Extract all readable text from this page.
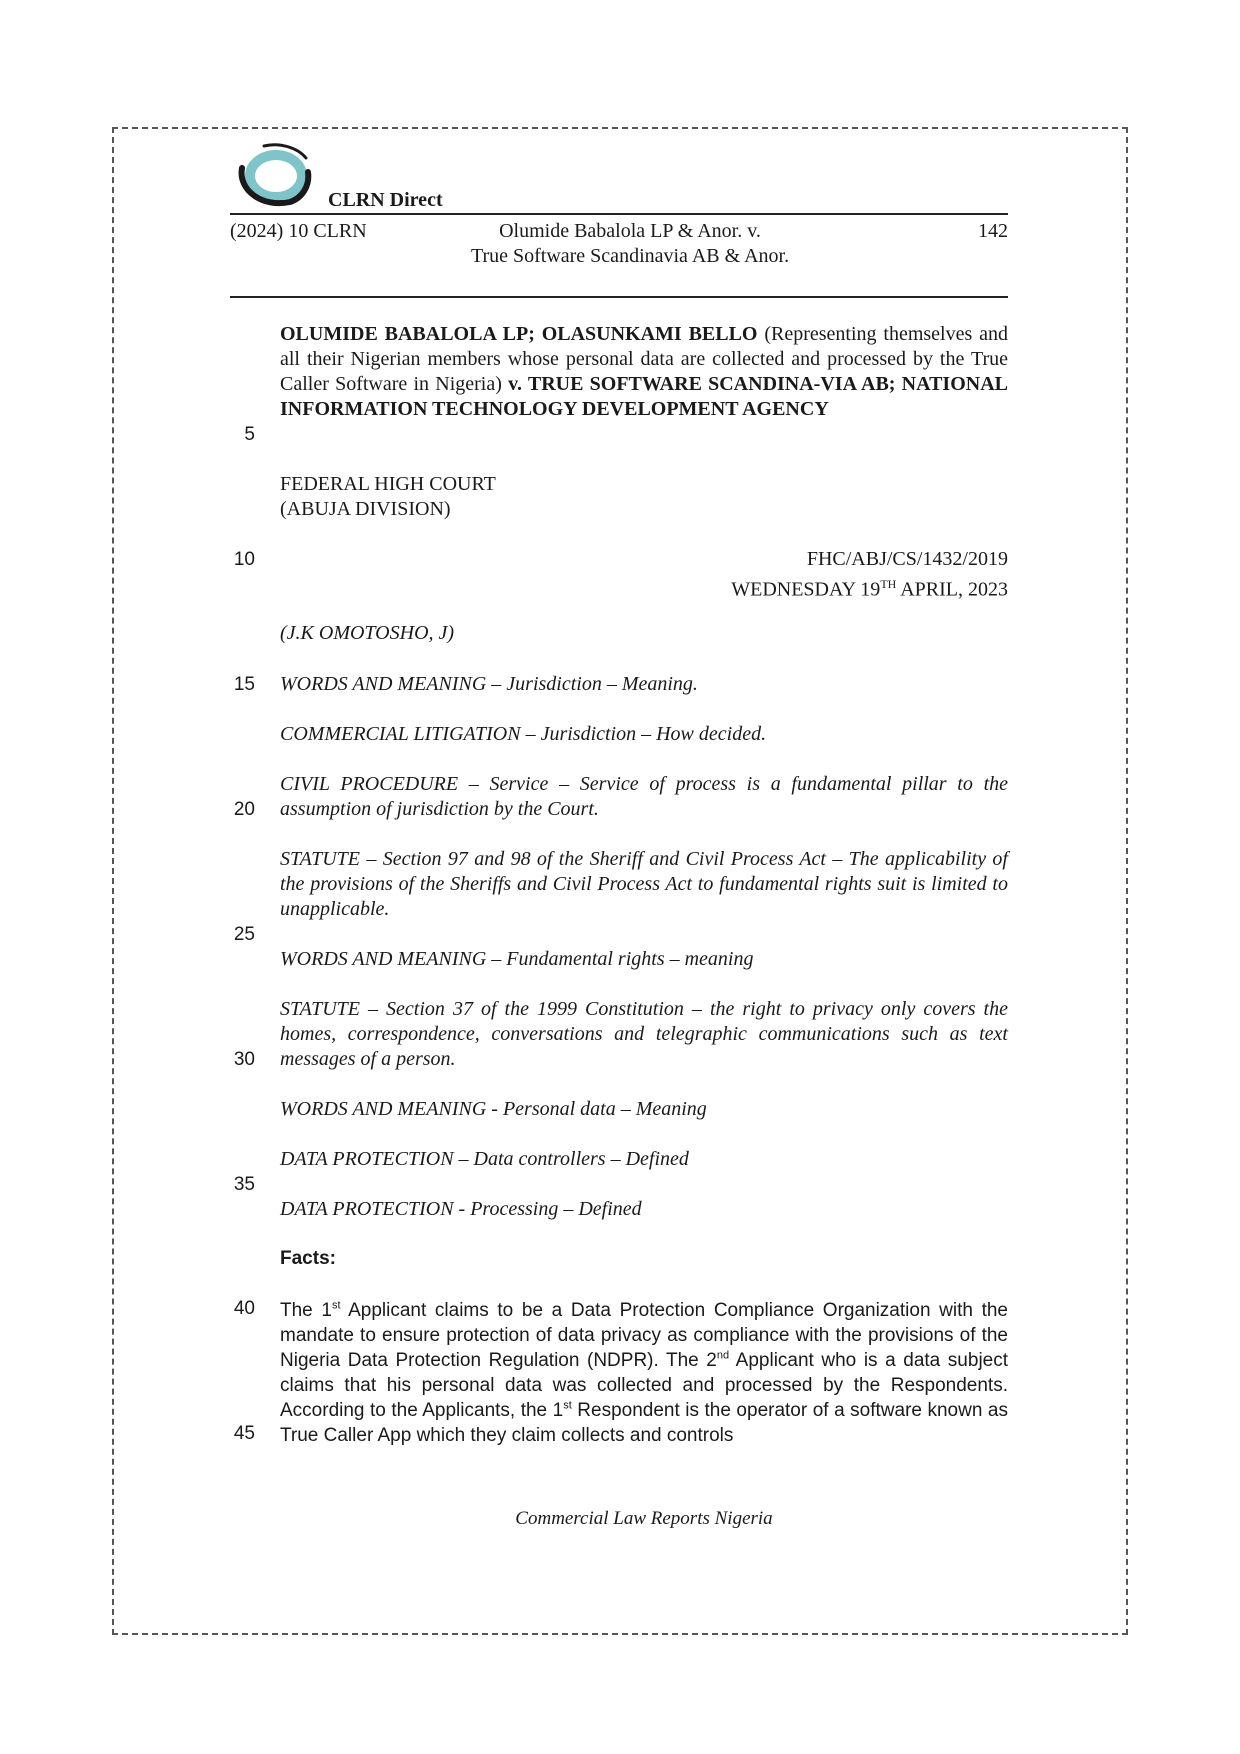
CLRN Direct
(2024) 10 CLRN	Olumide Babalola LP & Anor. v.
True Software Scandinavia AB & Anor.
142
5
10
15
20
25
30
35
40
45
OLUMIDE BABALOLA LP; OLASUNKAMI BELLO (Representing themselves and all their Nigerian members whose personal data are collected and processed by the True Caller Software in Nigeria) v. TRUE SOFTWARE SCANDINA-VIA AB; NATIONAL INFORMATION TECHNOLOGY DEVELOPMENT AGENCY
FEDERAL HIGH COURT
(ABUJA DIVISION)
FHC/ABJ/CS/1432/2019
WEDNESDAY 19TH APRIL, 2023
(J.K OMOTOSHO, J)
WORDS AND MEANING – Jurisdiction – Meaning.
COMMERCIAL LITIGATION – Jurisdiction – How decided.
CIVIL PROCEDURE – Service – Service of process is a fundamental pillar to the assumption of jurisdiction by the Court.
STATUTE – Section 97 and 98 of the Sheriff and Civil Process Act – The applicability of the provisions of the Sheriffs and Civil Process Act to fundamental rights suit is limited to unapplicable.
WORDS AND MEANING – Fundamental rights – meaning
STATUTE – Section 37 of the 1999 Constitution – the right to privacy only covers the homes, correspondence, conversations and telegraphic communications such as text messages of a person.
WORDS AND MEANING - Personal data – Meaning
DATA PROTECTION – Data controllers – Defined
DATA PROTECTION - Processing – Defined
Facts:
The 1st Applicant claims to be a Data Protection Compliance Organization with the mandate to ensure protection of data privacy as compliance with the provisions of the Nigeria Data Protection Regulation (NDPR). The 2nd Applicant who is a data subject claims that his personal data was collected and processed by the Respondents. According to the Applicants, the 1st Respondent is the operator of a software known as True Caller App which they claim collects and controls
Commercial Law Reports Nigeria
